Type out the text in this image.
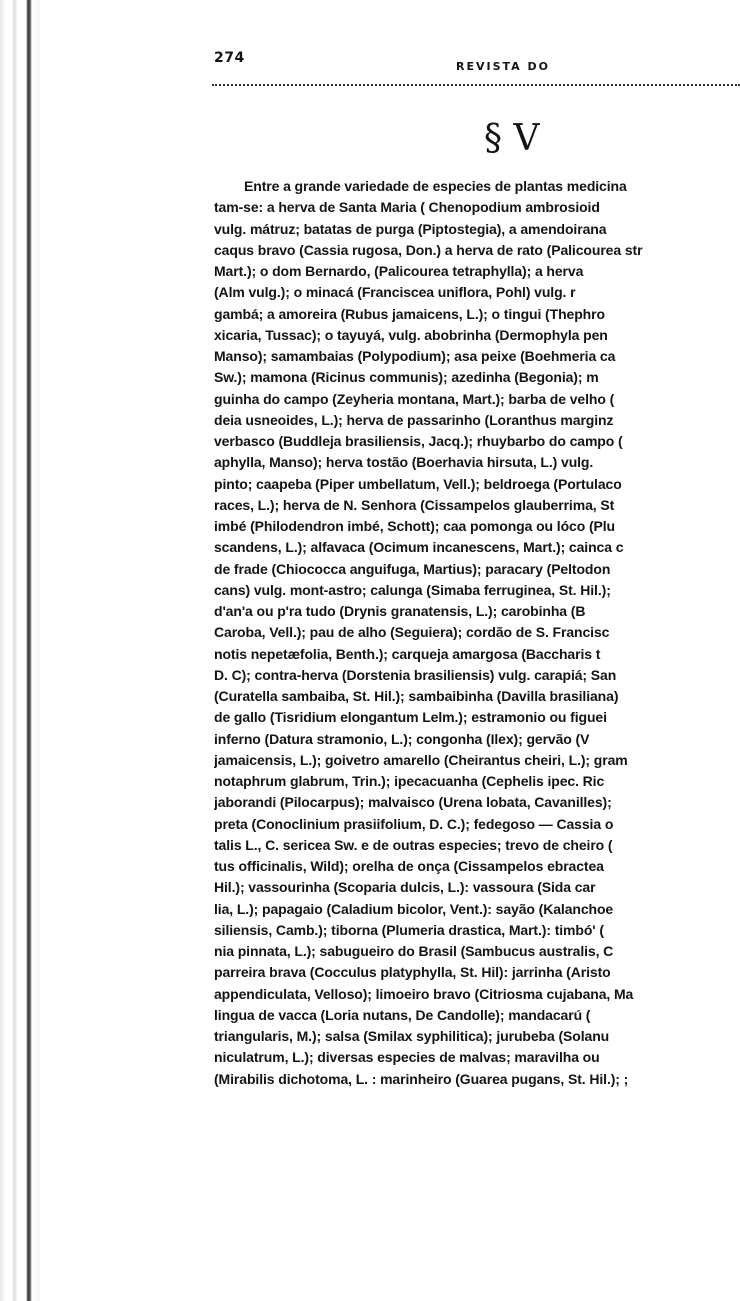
274
REVISTA DO
§ V
Entre a grande variedade de especies de plantas medicina
tam-se: a herva de Santa Maria ( Chenopodium ambrosioid
vulg. mátruz; batatas de purga (Piptostegia), a amendoirana
caqus bravo (Cassia rugosa, Don.) a herva de rato (Palicourea str
Mart.); o dom Bernardo, (Palicourea tetraphylla); a herva
(Alm vulg.); o minacá (Franciscea uniflora, Pohl) vulg. r
gambá; a amoreira (Rubus jamaicens, L.); o tingui (Thephro
xicaria, Tussac); o tayuyá, vulg. abobrinha (Dermophyla pen
Manso); samambaias (Polypodium); asa peixe (Boehmeria ca
Sw.); mamona (Ricinus communis); azedinha (Begonia); m
guinha do campo (Zeyheria montana, Mart.); barba de velho (
deia usneoides, L.); herva de passarinho (Loranthus marginz
verbasco (Buddleja brasiliensis, Jacq.); rhuybarbo do campo (
aphylla, Manso); herva tostão (Boerhavia hirsuta, L.) vulg.
pinto; caapeba (Piper umbellatum, Vell.); beldroega (Portulaco
races, L.); herva de N. Senhora (Cissampelos glauberrima, St
imbé (Philodendron imbé, Schott); caa pomonga ou lóco (Plu
scandens, L.); alfavaca (Ocimum incanescens, Mart.); cainca c
de frade (Chiococca anguifuga, Martius); paracary (Peltodon
cans) vulg. mont-astro; calunga (Simaba ferruginea, St. Hil.);
d'an'a ou p'ra tudo (Drynis granatensis, L.); carobinha (B
Caroba, Vell.); pau de alho (Seguiera); cordão de S. Francisc
notis nepetæfolia, Benth.); carqueja amargosa (Baccharis t
D. C); contra-herva (Dorstenia brasiliensis) vulg. carapiá; San
(Curatella sambaiba, St. Hil.); sambaibinha (Davilla brasiliana)
de gallo (Tisridium elongantum Lelm.); estramonio ou figuei
inferno (Datura stramonio, L.); congonha (Ilex); gervão (V
jamaicensis, L.); goivetro amarello (Cheirantus cheiri, L.); gram
notaphrum glabrum, Trin.); ipecacuanha (Cephelis ipec. Ric
jaborandi (Pilocarpus); malvaisco (Urena lobata, Cavanilles);
preta (Conoclinium prasiifolium, D. C.); fedegoso — Cassia o
talis L., C. sericea Sw. e de outras especies; trevo de cheiro (
tus officinalis, Wild); orelha de onça (Cissampelos ebractea
Hil.); vassourinha (Scoparia dulcis, L.): vassoura (Sida car
lia, L.); papagaio (Caladium bicolor, Vent.): sayão (Kalanchoe
siliensis, Camb.); tiborna (Plumeria drastica, Mart.): timbó' (
nia pinnata, L.); sabugueiro do Brasil (Sambucus australis, C
parreira brava (Cocculus platyphylla, St. Hil): jarrinha (Aristo
appendiculata, Velloso); limoeiro bravo (Citriosma cujabana, Ma
lingua de vacca (Loria nutans, De Candolle); mandacarú (
triangularis, M.); salsa (Smilax syphilitica); jurubeba (Solanu
niculatrum, L.); diversas especies de malvas; maravilha ou
(Mirabilis dichotoma, L. : marinheiro (Guarea pugans, St. Hil.); ;
